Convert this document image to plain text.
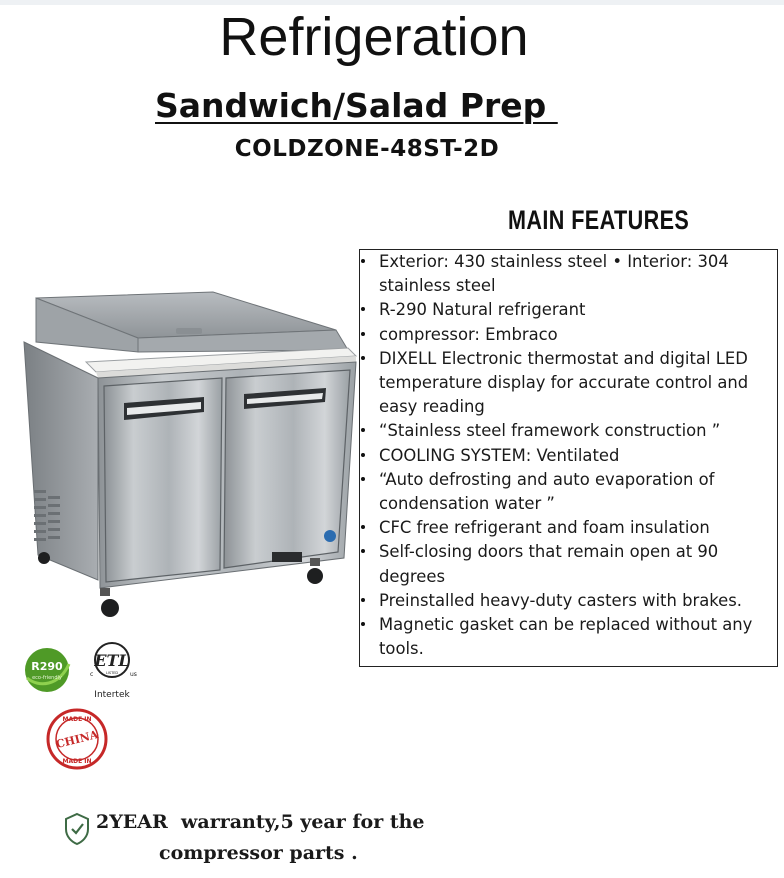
Refrigeration
Sandwich/Salad Prep
COLDZONE-48ST-2D
MAIN FEATURES
Exterior: 430 stainless steel • Interior: 304 stainless steel
R-290 Natural refrigerant
compressor: Embraco
DIXELL Electronic thermostat and digital LED temperature display for accurate control and easy reading
“Stainless steel framework construction ”
COOLING SYSTEM: Ventilated
“Auto defrosting and auto evaporation of condensation water ”
CFC free refrigerant and foam insulation
Self-closing doors that remain open at 90 degrees
Preinstalled heavy-duty casters with brakes.
Magnetic gasket can be replaced without any tools.
R290
eco-friendly
ETL
LISTED
c	us
Intertek
MADE IN
CHINA
MADE IN
2YEAR  warranty,5 year for the
compressor parts .
